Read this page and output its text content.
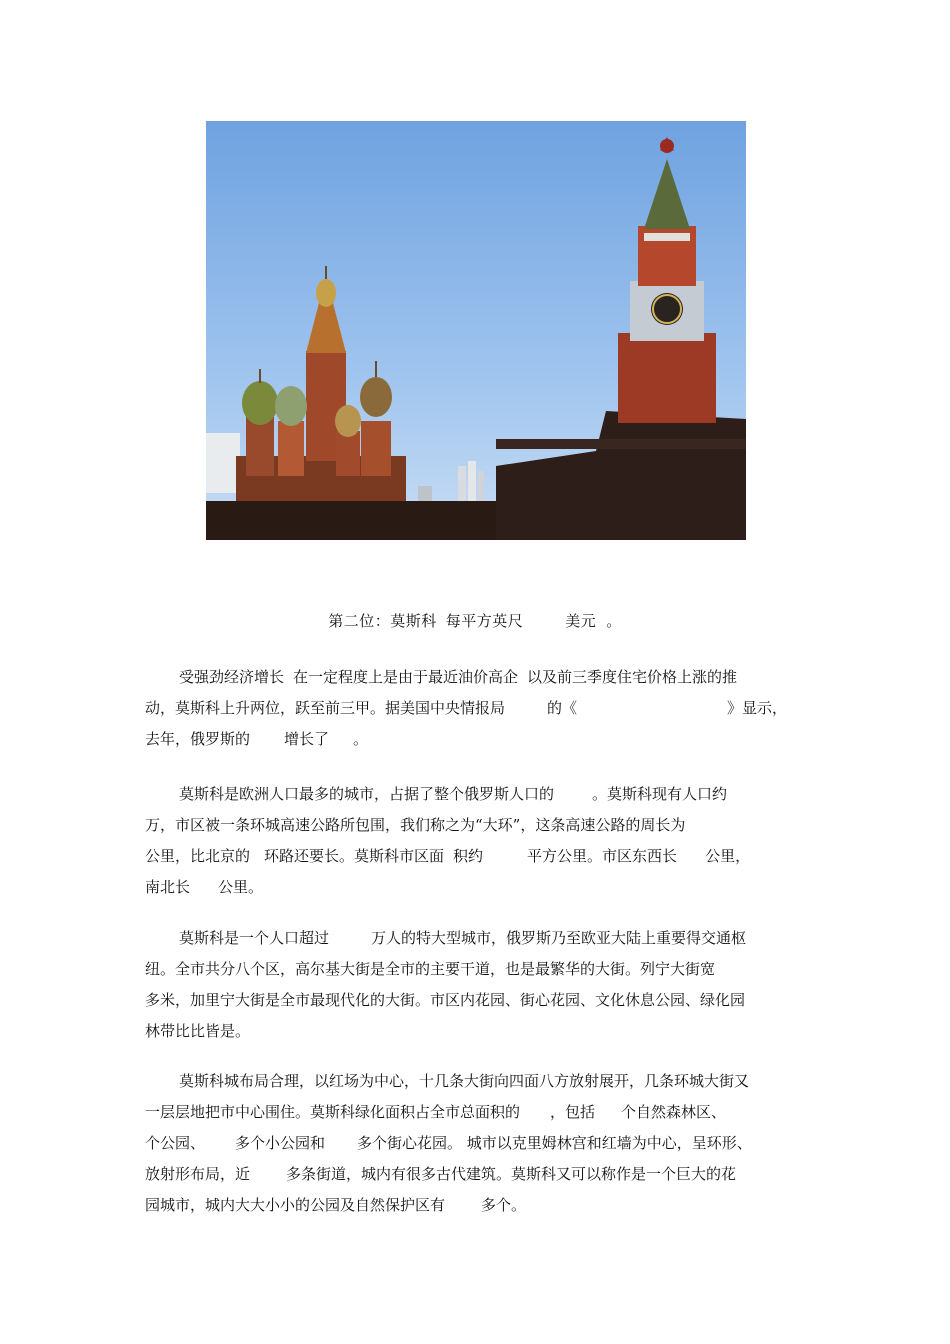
第二位：莫斯科 每平方英尺	美元 。
受强劲经济增长 在一定程度上是由于最近油价高企 以及前三季度住宅价格上涨的推
动，莫斯科上升两位，跃至前三甲。据美国中央情报局	的《	》显示，
去年，俄罗斯的 增长了 。
莫斯科是欧洲人口最多的城市，占据了整个俄罗斯人口的	。莫斯科现有人口约
万，市区被一条环城高速公路所包围，我们称之为“大环”，这条高速公路的周长为
公里，比北京的 环路还要长。莫斯科市区面 积约	平方公里。市区东西长 公里，
南北长 公里。
莫斯科是一个人口超过	万人的特大型城市，俄罗斯乃至欧亚大陆上重要得交通枢
纽。全市共分八个区，高尔基大街是全市的主要干道，也是最繁华的大街。列宁大街宽
多米，加里宁大街是全市最现代化的大街。市区内花园、街心花园、文化休息公园、绿化园
林带比比皆是。
莫斯科城布局合理，以红场为中心，十几条大街向四面八方放射展开，几条环城大街又
一层层地把市中心围住。莫斯科绿化面积占全市总面积的 ，包括 个自然森林区、
个公园、 多个小公园和 多个街心花园。 城市以克里姆林宫和红墙为中心，呈环形、
放射形布局，近 多条街道，城内有很多古代建筑。莫斯科又可以称作是一个巨大的花
园城市，城内大大小小的公园及自然保护区有 多个。
